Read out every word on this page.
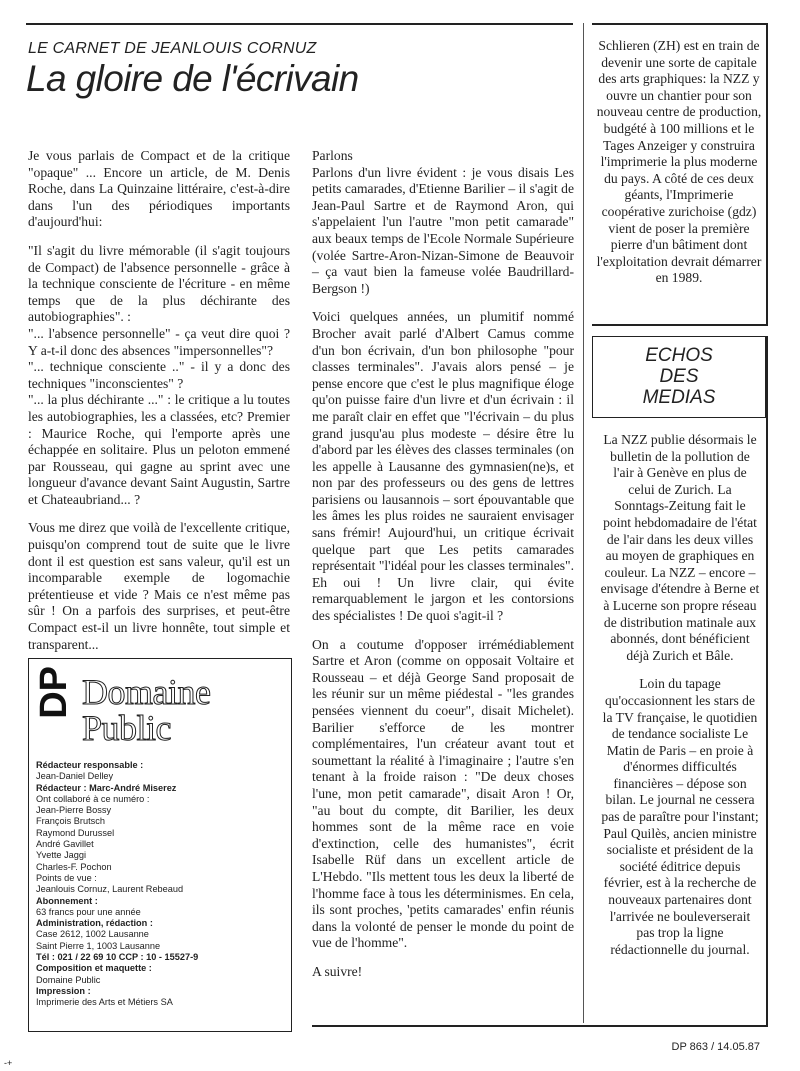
LE CARNET DE JEANLOUIS CORNUZ
La gloire de l'écrivain

Je vous parlais de Compact et de la critique "opaque" ... Encore un article, de M. Denis Roche, dans La Quinzaine littéraire, c'est-à-dire dans l'un des périodiques importants d'aujourd'hui:

"Il s'agit du livre mémorable (il s'agit toujours de Compact) de l'absence personnelle - grâce à la technique consciente de l'écriture - en même temps que de la plus déchirante des autobiographies". :

"... l'absence personnelle" - ça veut dire quoi ? Y a-t-il donc des absences "impersonnelles"?

"... technique consciente .." - il y a donc des techniques "inconscientes" ?

"... la plus déchirante ..." : le critique a lu toutes les autobiographies, les a classées, etc? Premier : Maurice Roche, qui l'emporte après une échappée en solitaire. Plus un peloton emmené par Rousseau, qui gagne au sprint avec une longueur d'avance devant Saint Augustin, Sartre et Chateaubriand... ?

Vous me direz que voilà de l'excellente critique, puisqu'on comprend tout de suite que le livre dont il est question est sans valeur, qu'il est un incomparable exemple de logomachie prétentieuse et vide ? Mais ce n'est même pas sûr ! On a parfois des surprises, et peut-être Compact est-il un livre honnête, tout simple et transparent...

Parlons

Parlons d'un livre évident : je vous disais Les petits camarades, d'Etienne Barilier – il s'agit de Jean-Paul Sartre et de Raymond Aron, qui s'appelaient l'un l'autre "mon petit camarade" aux beaux temps de l'Ecole Normale Supérieure (volée Sartre-Aron-Nizan-Simone de Beauvoir – ça vaut bien la fameuse volée Baudrillard-Bergson !)

Voici quelques années, un plumitif nommé Brocher avait parlé d'Albert Camus comme d'un bon écrivain, d'un bon philosophe "pour classes terminales". J'avais alors pensé – je pense encore que c'est le plus magnifique éloge qu'on puisse faire d'un livre et d'un écrivain : il me paraît clair en effet que "l'écrivain – du plus grand jusqu'au plus modeste – désire être lu d'abord par les élèves des classes terminales (on les appelle à Lausanne des gymnasien(ne)s, et non par des professeurs ou des gens de lettres parisiens ou lausannois – sort épouvantable que les âmes les plus roides ne sauraient envisager sans frémir! Aujourd'hui, un critique écrivait quelque part que Les petits camarades représentait "l'idéal pour les classes terminales". Eh oui ! Un livre clair, qui évite remarquablement le jargon et les contorsions des spécialistes ! De quoi s'agit-il ?

On a coutume d'opposer irrémédiablement Sartre et Aron (comme on opposait Voltaire et Rousseau – et déjà George Sand proposait de les réunir sur un même piédestal - "les grandes pensées viennent du coeur", disait Michelet). Barilier s'efforce de les montrer complémentaires, l'un créateur avant tout et soumettant la réalité à l'imaginaire ; l'autre s'en tenant à la froide raison : "De deux choses l'une, mon petit camarade", disait Aron ! Or, "au bout du compte, dit Barilier, les deux hommes sont de la même race en voie d'extinction, celle des humanistes", écrit Isabelle Rüf dans un excellent article de L'Hebdo. "Ils mettent tous les deux la liberté de l'homme face à tous les déterminismes. En cela, ils sont proches, 'petits camarades' enfin réunis dans la volonté de penser le monde du point de vue de l'homme".

A suivre!

Schlieren (ZH) est en train de devenir une sorte de capitale des arts graphiques: la NZZ y ouvre un chantier pour son nouveau centre de production, budgété à 100 millions et le Tages Anzeiger y construira l'imprimerie la plus moderne du pays. A côté de ces deux géants, l'Imprimerie coopérative zurichoise (gdz) vient de poser la première pierre d'un bâtiment dont l'exploitation devrait démarrer en 1989.

ECHOS
DES
MEDIAS

La NZZ publie désormais le bulletin de la pollution de l'air à Genève en plus de celui de Zurich. La Sonntags-Zeitung fait le point hebdomadaire de l'état de l'air dans les deux villes au moyen de graphiques en couleur. La NZZ – encore – envisage d'étendre à Berne et à Lucerne son propre réseau de distribution matinale aux abonnés, dont bénéficient déjà Zurich et Bâle.

Loin du tapage qu'occasionnent les stars de la TV française, le quotidien de tendance socialiste Le Matin de Paris – en proie à d'énormes difficultés financières – dépose son bilan. Le journal ne cessera pas de paraître pour l'instant; Paul Quilès, ancien ministre socialiste et président de la société éditrice depuis février, est à la recherche de nouveaux partenaires dont l'arrivée ne bouleverserait pas trop la ligne rédactionnelle du journal.

DP Domaine
Public
Rédacteur responsable :
Jean-Daniel Delley
Rédacteur : Marc-André Miserez
Ont collaboré à ce numéro :
Jean-Pierre Bossy
François Brutsch
Raymond Durussel
André Gavillet
Yvette Jaggi
Charles-F. Pochon
Points de vue :
Jeanlouis Cornuz, Laurent Rebeaud
Abonnement :
63 francs pour une année
Administration, rédaction :
Case 2612, 1002 Lausanne
Saint Pierre 1, 1003 Lausanne
Tél : 021 / 22 69 10 CCP : 10 - 15527-9
Composition et maquette :
Domaine Public
Impression :
Imprimerie des Arts et Métiers SA
DP 863 / 14.05.87
-+
